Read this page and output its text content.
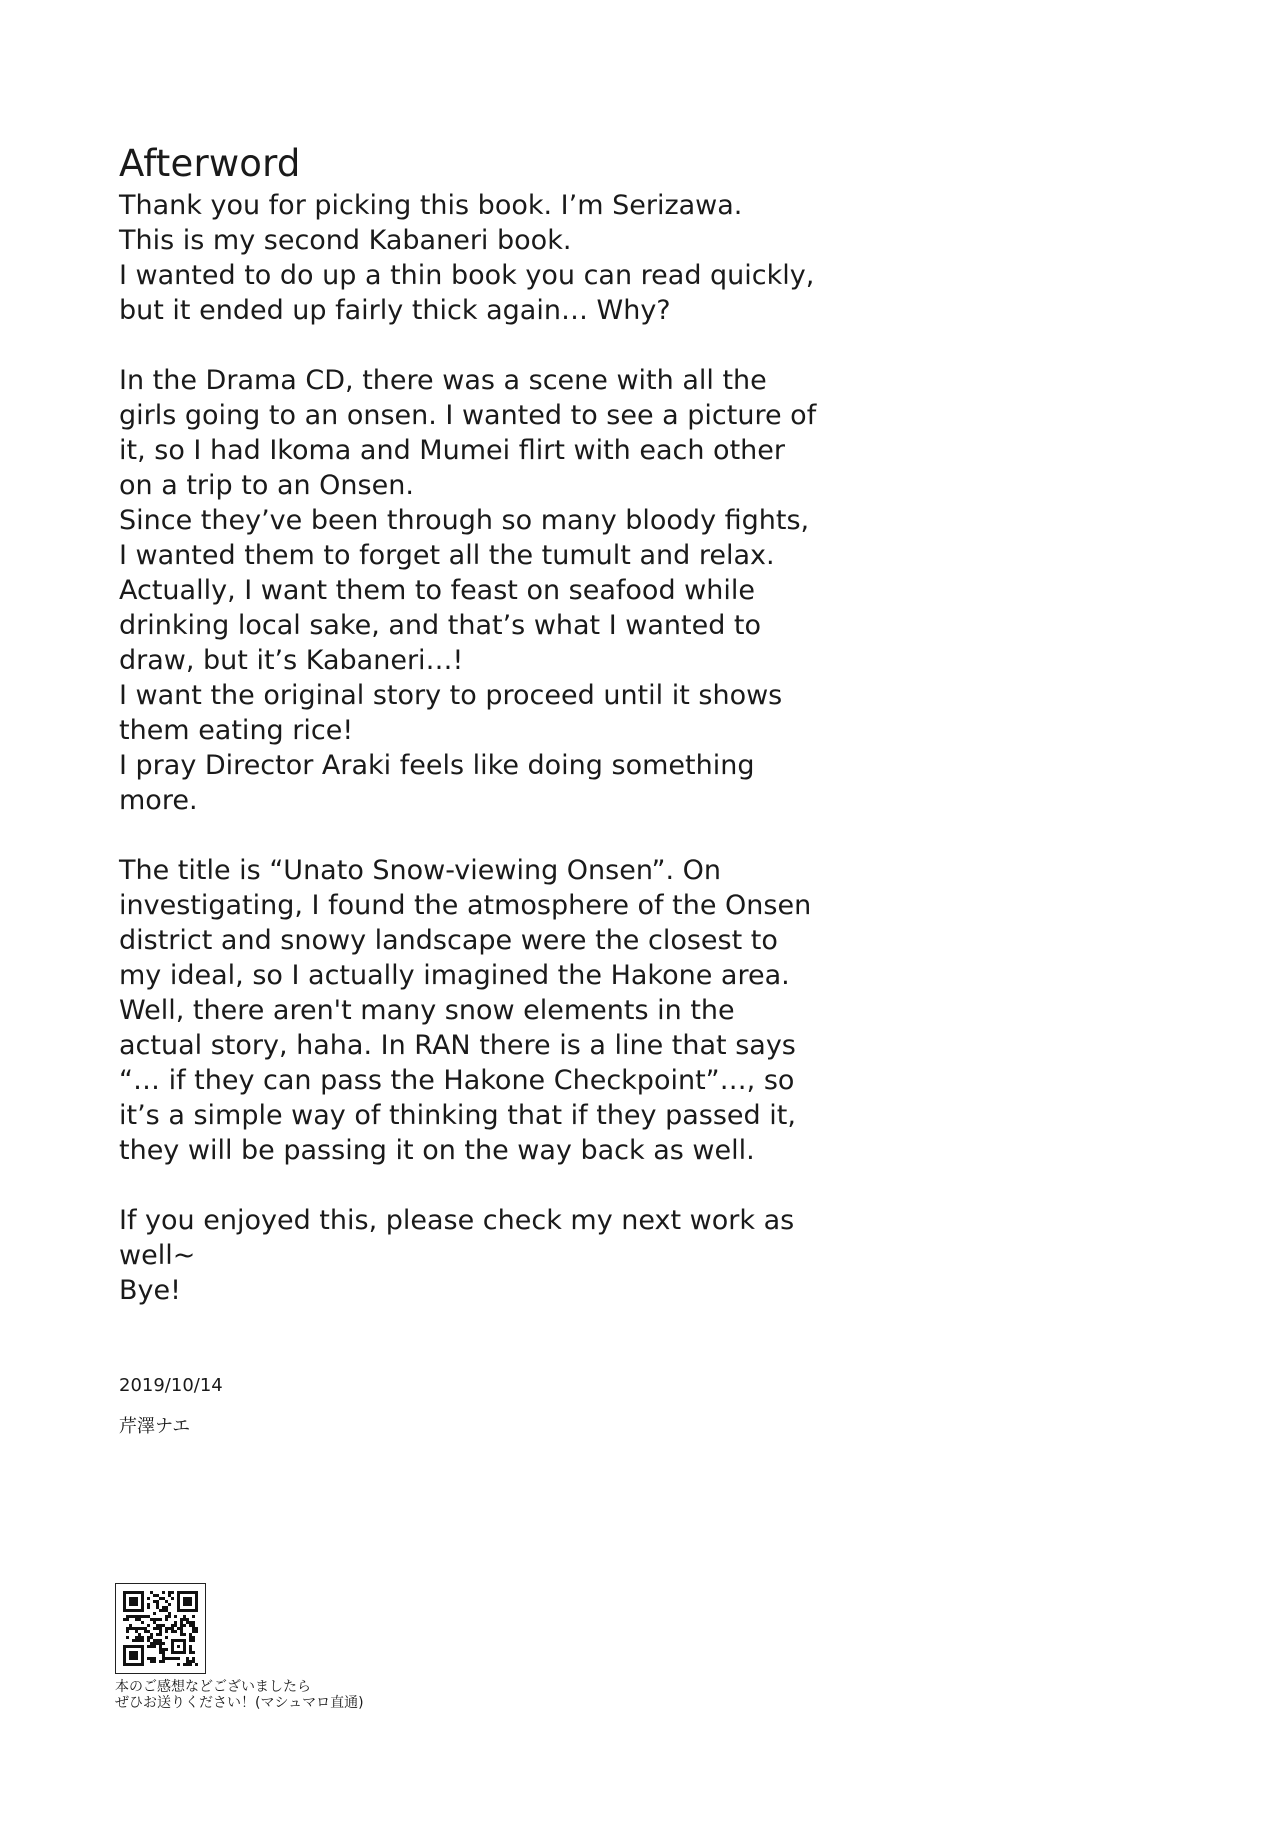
Afterword
Thank you for picking this book. I’m Serizawa.
This is my second Kabaneri book.
I wanted to do up a thin book you can read quickly,
but it ended up fairly thick again… Why?
In the Drama CD, there was a scene with all the
girls going to an onsen. I wanted to see a picture of
it, so I had Ikoma and Mumei flirt with each other
on a trip to an Onsen.
Since they’ve been through so many bloody fights,
I wanted them to forget all the tumult and relax.
Actually, I want them to feast on seafood while
drinking local sake, and that’s what I wanted to
draw, but it’s Kabaneri…!
I want the original story to proceed until it shows
them eating rice!
I pray Director Araki feels like doing something
more.
The title is “Unato Snow-viewing Onsen”. On
investigating, I found the atmosphere of the Onsen
district and snowy landscape were the closest to
my ideal, so I actually imagined the Hakone area.
Well, there aren't many snow elements in the
actual story, haha. In RAN there is a line that says
“… if they can pass the Hakone Checkpoint”…, so
it’s a simple way of thinking that if they passed it,
they will be passing it on the way back as well.
If you enjoyed this, please check my next work as
well~
Bye!
2019/10/14
芹澤ナエ
本のご感想などございましたら
ぜひお送りください！(マシュマロ直通)
